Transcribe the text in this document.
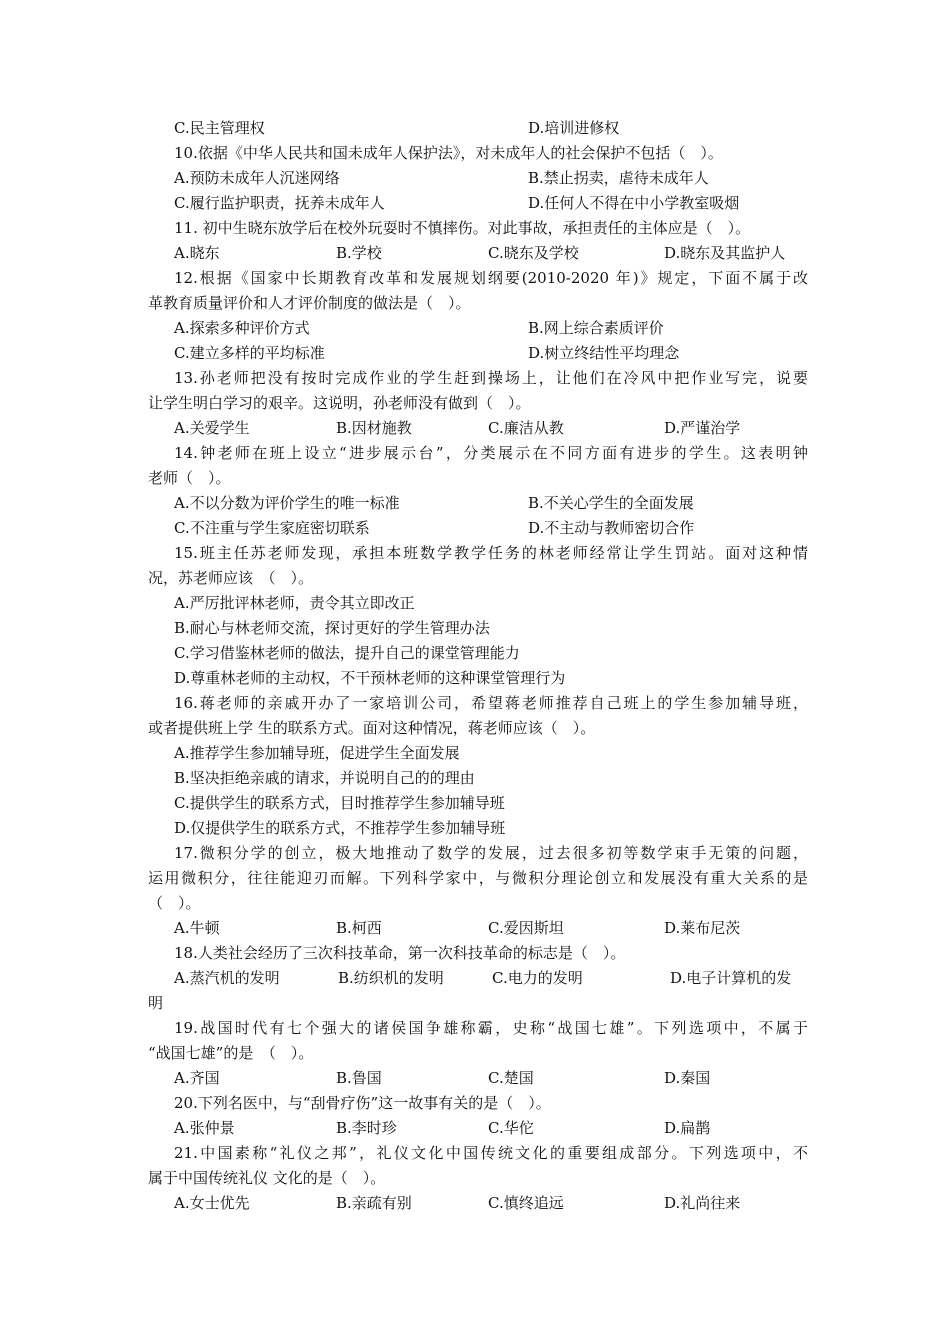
C.民主管理权	D.培训进修权
10.依据《中华人民共和国未成年人保护法》，对未成年人的社会保护不包括（　）。
A.预防未成年人沉迷网络	B.禁止拐卖，虐待未成年人
C.履行监护职责，抚养未成年人	D.任何人不得在中小学教室吸烟
11. 初中生晓东放学后在校外玩耍时不慎摔伤。对此事故，承担责任的主体应是（　）。
A.晓东	B.学校	C.晓东及学校	D.晓东及其监护人
12.根据《国家中长期教育改革和发展规划纲要(2010-2020 年)》规定，下面不属于改
革教育质量评价和人才评价制度的做法是（　）。
A.探索多种评价方式	B.网上综合素质评价
C.建立多样的平均标准	D.树立终结性平均理念
13.孙老师把没有按时完成作业的学生赶到操场上，让他们在冷风中把作业写完，说要
让学生明白学习的艰辛。这说明，孙老师没有做到（　）。
A.关爱学生	B.因材施教	C.廉洁从教	D.严谨治学
14.钟老师在班上设立“进步展示台”，分类展示在不同方面有进步的学生。这表明钟
老师（　）。
A.不以分数为评价学生的唯一标准	B.不关心学生的全面发展
C.不注重与学生家庭密切联系	D.不主动与教师密切合作
15.班主任苏老师发现，承担本班数学教学任务的林老师经常让学生罚站。面对这种情
况，苏老师应该　（　）。
A.严厉批评林老师，责令其立即改正
B.耐心与林老师交流，探讨更好的学生管理办法
C.学习借鉴林老师的做法，提升自己的课堂管理能力
D.尊重林老师的主动权，不干预林老师的这种课堂管理行为
16.蒋老师的亲戚开办了一家培训公司，希望蒋老师推荐自己班上的学生参加辅导班，
或者提供班上学 生的联系方式。面对这种情况，蒋老师应该（　）。
A.推荐学生参加辅导班，促进学生全面发展
B.坚决拒绝亲戚的请求，并说明自己的的理由
C.提供学生的联系方式，目时推荐学生参加辅导班
D.仅提供学生的联系方式，不推荐学生参加辅导班
17.微积分学的创立，极大地推动了数学的发展，过去很多初等数学束手无策的问题，
运用微积分，往往能迎刃而解。下列科学家中，与微积分理论创立和发展没有重大关系的是
（　）。
A.牛顿	B.柯西	C.爱因斯坦	D.莱布尼茨
18.人类社会经历了三次科技革命，第一次科技革命的标志是（　）。
A.蒸汽机的发明	B.纺织机的发明	C.电力的发明	D.电子计算机的发
明
19.战国时代有七个强大的诸侯国争雄称霸，史称“战国七雄”。下列选项中，不属于
“战国七雄”的是　（　）。
A.齐国	B.鲁国	C.楚国	D.秦国
20.下列名医中，与“刮骨疗伤”这一故事有关的是（　）。
A.张仲景	B.李时珍	C.华佗	D.扁鹊
21.中国素称“礼仪之邦”，礼仪文化中国传统文化的重要组成部分。下列选项中，不
属于中国传统礼仪 文化的是（　）。
A.女士优先	B.亲疏有别	C.慎终追远	D.礼尚往来
